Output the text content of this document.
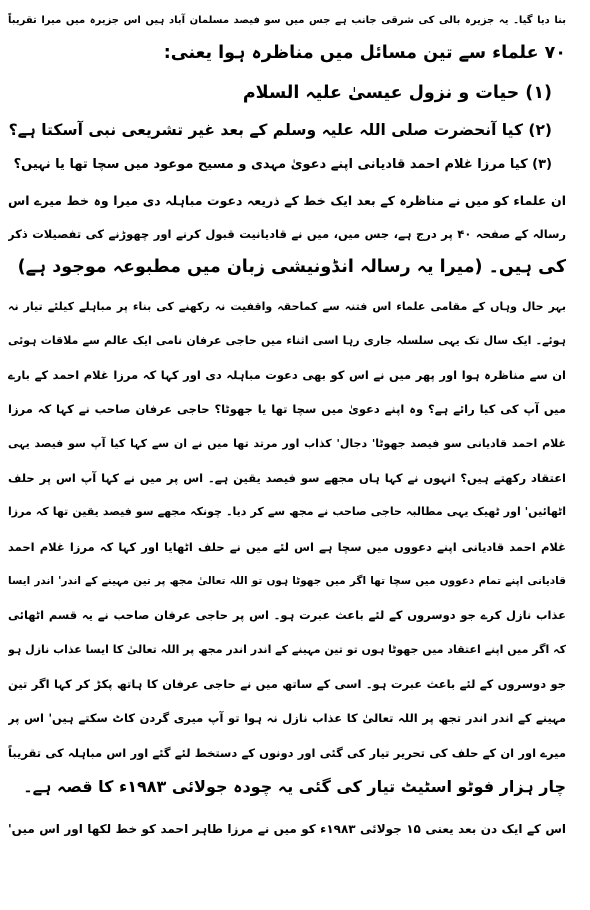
بنا دیا گیا۔ یہ جزیرہ بالی کی شرقی جانب ہے جس میں سو فیصد مسلمان آباد ہیں اس جزیرہ میں میرا تقریباً
۷۰ علماء سے تین مسائل میں مناظرہ ہوا یعنی:
(۱) حیات و نزول عیسیٰ علیہ السلام
(۲) کیا آنحضرت صلی اللہ علیہ وسلم کے بعد غیر تشریعی نبی آسکتا ہے؟
(۳) کیا مرزا غلام احمد قادیانی اپنے دعویٰ مہدی و مسیح موعود میں سچا تھا یا نہیں؟
ان علماء کو میں نے مناظرہ کے بعد ایک خط کے ذریعہ دعوت مباہلہ دی میرا وہ خط میرے اس
رسالہ کے صفحہ ۴۰ پر درج ہے، جس میں، میں نے قادیانیت قبول کرنے اور چھوڑنے کی تفصیلات ذکر
کی ہیں۔ (میرا یہ رسالہ انڈونیشی زبان میں مطبوعہ موجود ہے)
بہر حال وہاں کے مقامی علماء اس فتنہ سے کماحقہ واقفیت نہ رکھنے کی بناء پر مباہلے کیلئے تیار نہ
ہوئے۔ ایک سال تک یہی سلسلہ جاری رہا اسی اثناء میں حاجی عرفان نامی ایک عالم سے ملاقات ہوئی
ان سے مناظرہ ہوا اور پھر میں نے اس کو بھی دعوت مباہلہ دی اور کہا کہ مرزا غلام احمد کے بارے
میں آپ کی کیا رائے ہے؟ وہ اپنے دعویٰ میں سچا تھا یا جھوٹا؟ حاجی عرفان صاحب نے کہا کہ مرزا
غلام احمد قادیانی سو فیصد جھوٹا' دجال' کذاب اور مرتد تھا میں نے ان سے کہا کیا آپ سو فیصد یہی
اعتقاد رکھتے ہیں؟ انہوں نے کہا ہاں مجھے سو فیصد یقین ہے۔ اس پر میں نے کہا آپ اس پر حلف
اٹھائیں' اور ٹھیک یہی مطالبہ حاجی صاحب نے مجھ سے کر دیا۔ چونکہ مجھے سو فیصد یقین تھا کہ مرزا
غلام احمد قادیانی اپنے دعووں میں سچا ہے اس لئے میں نے حلف اٹھایا اور کہا کہ مرزا غلام احمد
قادیانی اپنے تمام دعووں میں سچا تھا اگر میں جھوٹا ہوں تو اللہ تعالیٰ مجھ پر تین مہینے کے اندر' اندر ایسا
عذاب نازل کرے جو دوسروں کے لئے باعث عبرت ہو۔ اس پر حاجی عرفان صاحب نے یہ قسم اٹھائی
کہ اگر میں اپنے اعتقاد میں جھوٹا ہوں تو تین مہینے کے اندر اندر مجھ پر اللہ تعالیٰ کا ایسا عذاب نازل ہو
جو دوسروں کے لئے باعث عبرت ہو۔ اسی کے ساتھ میں نے حاجی عرفان کا ہاتھ پکڑ کر کہا اگر تین
مہینے کے اندر اندر تجھ پر اللہ تعالیٰ کا عذاب نازل نہ ہوا تو آپ میری گردن کاٹ سکتے ہیں' اس پر
میرے اور ان کے حلف کی تحریر تیار کی گئی اور دونوں کے دستخط لئے گئے اور اس مباہلہ کی تقریباً
چار ہزار فوٹو اسٹیٹ تیار کی گئی یہ چودہ جولائی ۱۹۸۳ء کا قصہ ہے۔
اس کے ایک دن بعد یعنی ۱۵ جولائی ۱۹۸۳ء کو میں نے مرزا طاہر احمد کو خط لکھا اور اس میں'
